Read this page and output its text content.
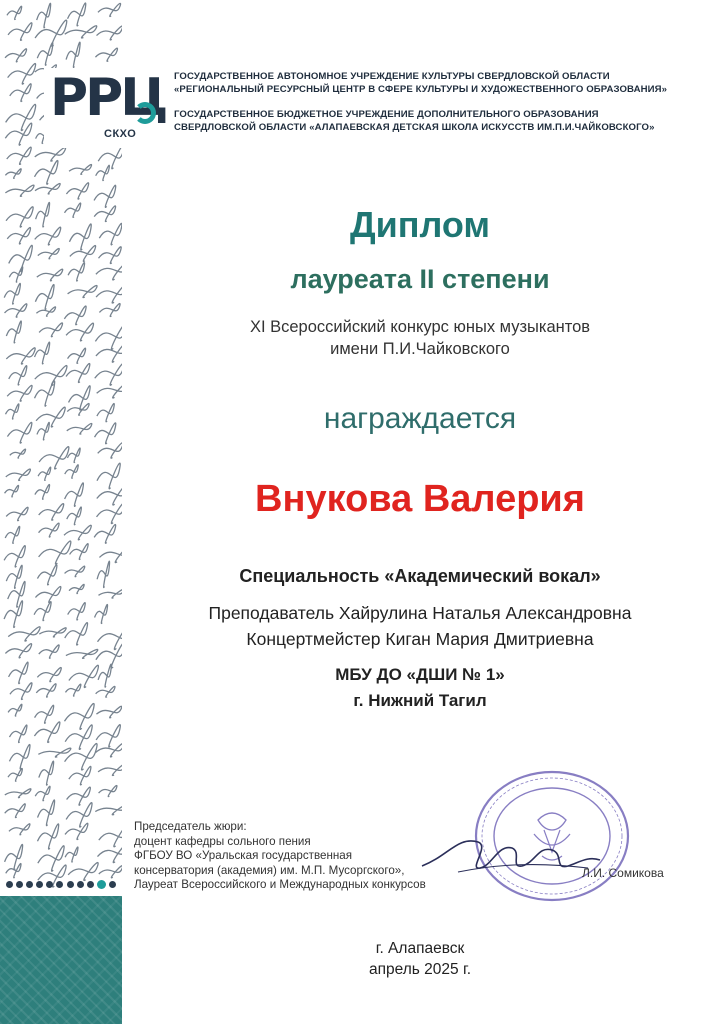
РРЦ
СКХО
ГОСУДАРСТВЕННОЕ АВТОНОМНОЕ УЧРЕЖДЕНИЕ КУЛЬТУРЫ СВЕРДЛОВСКОЙ ОБЛАСТИ
«РЕГИОНАЛЬНЫЙ РЕСУРСНЫЙ ЦЕНТР В СФЕРЕ КУЛЬТУРЫ И ХУДОЖЕСТВЕННОГО ОБРАЗОВАНИЯ»
ГОСУДАРСТВЕННОЕ БЮДЖЕТНОЕ УЧРЕЖДЕНИЕ ДОПОЛНИТЕЛЬНОГО ОБРАЗОВАНИЯ
СВЕРДЛОВСКОЙ ОБЛАСТИ «АЛАПАЕВСКАЯ ДЕТСКАЯ ШКОЛА ИСКУССТВ ИМ.П.И.ЧАЙКОВСКОГО»
Диплом
лауреата II степени
XI Всероссийский конкурс юных музыкантов
имени П.И.Чайковского
награждается
Внукова Валерия
Специальность «Академический вокал»
Преподаватель Хайрулина Наталья Александровна
Концертмейстер Киган Мария Дмитриевна
МБУ ДО «ДШИ № 1»
г. Нижний Тагил
Председатель жюри:
доцент кафедры сольного пения
ФГБОУ ВО «Уральская государственная
консерватория (академия) им. М.П. Мусоргского»,
Лауреат Всероссийского и Международных конкурсов
Л.И. Сомикова
г. Алапаевск
апрель 2025 г.
